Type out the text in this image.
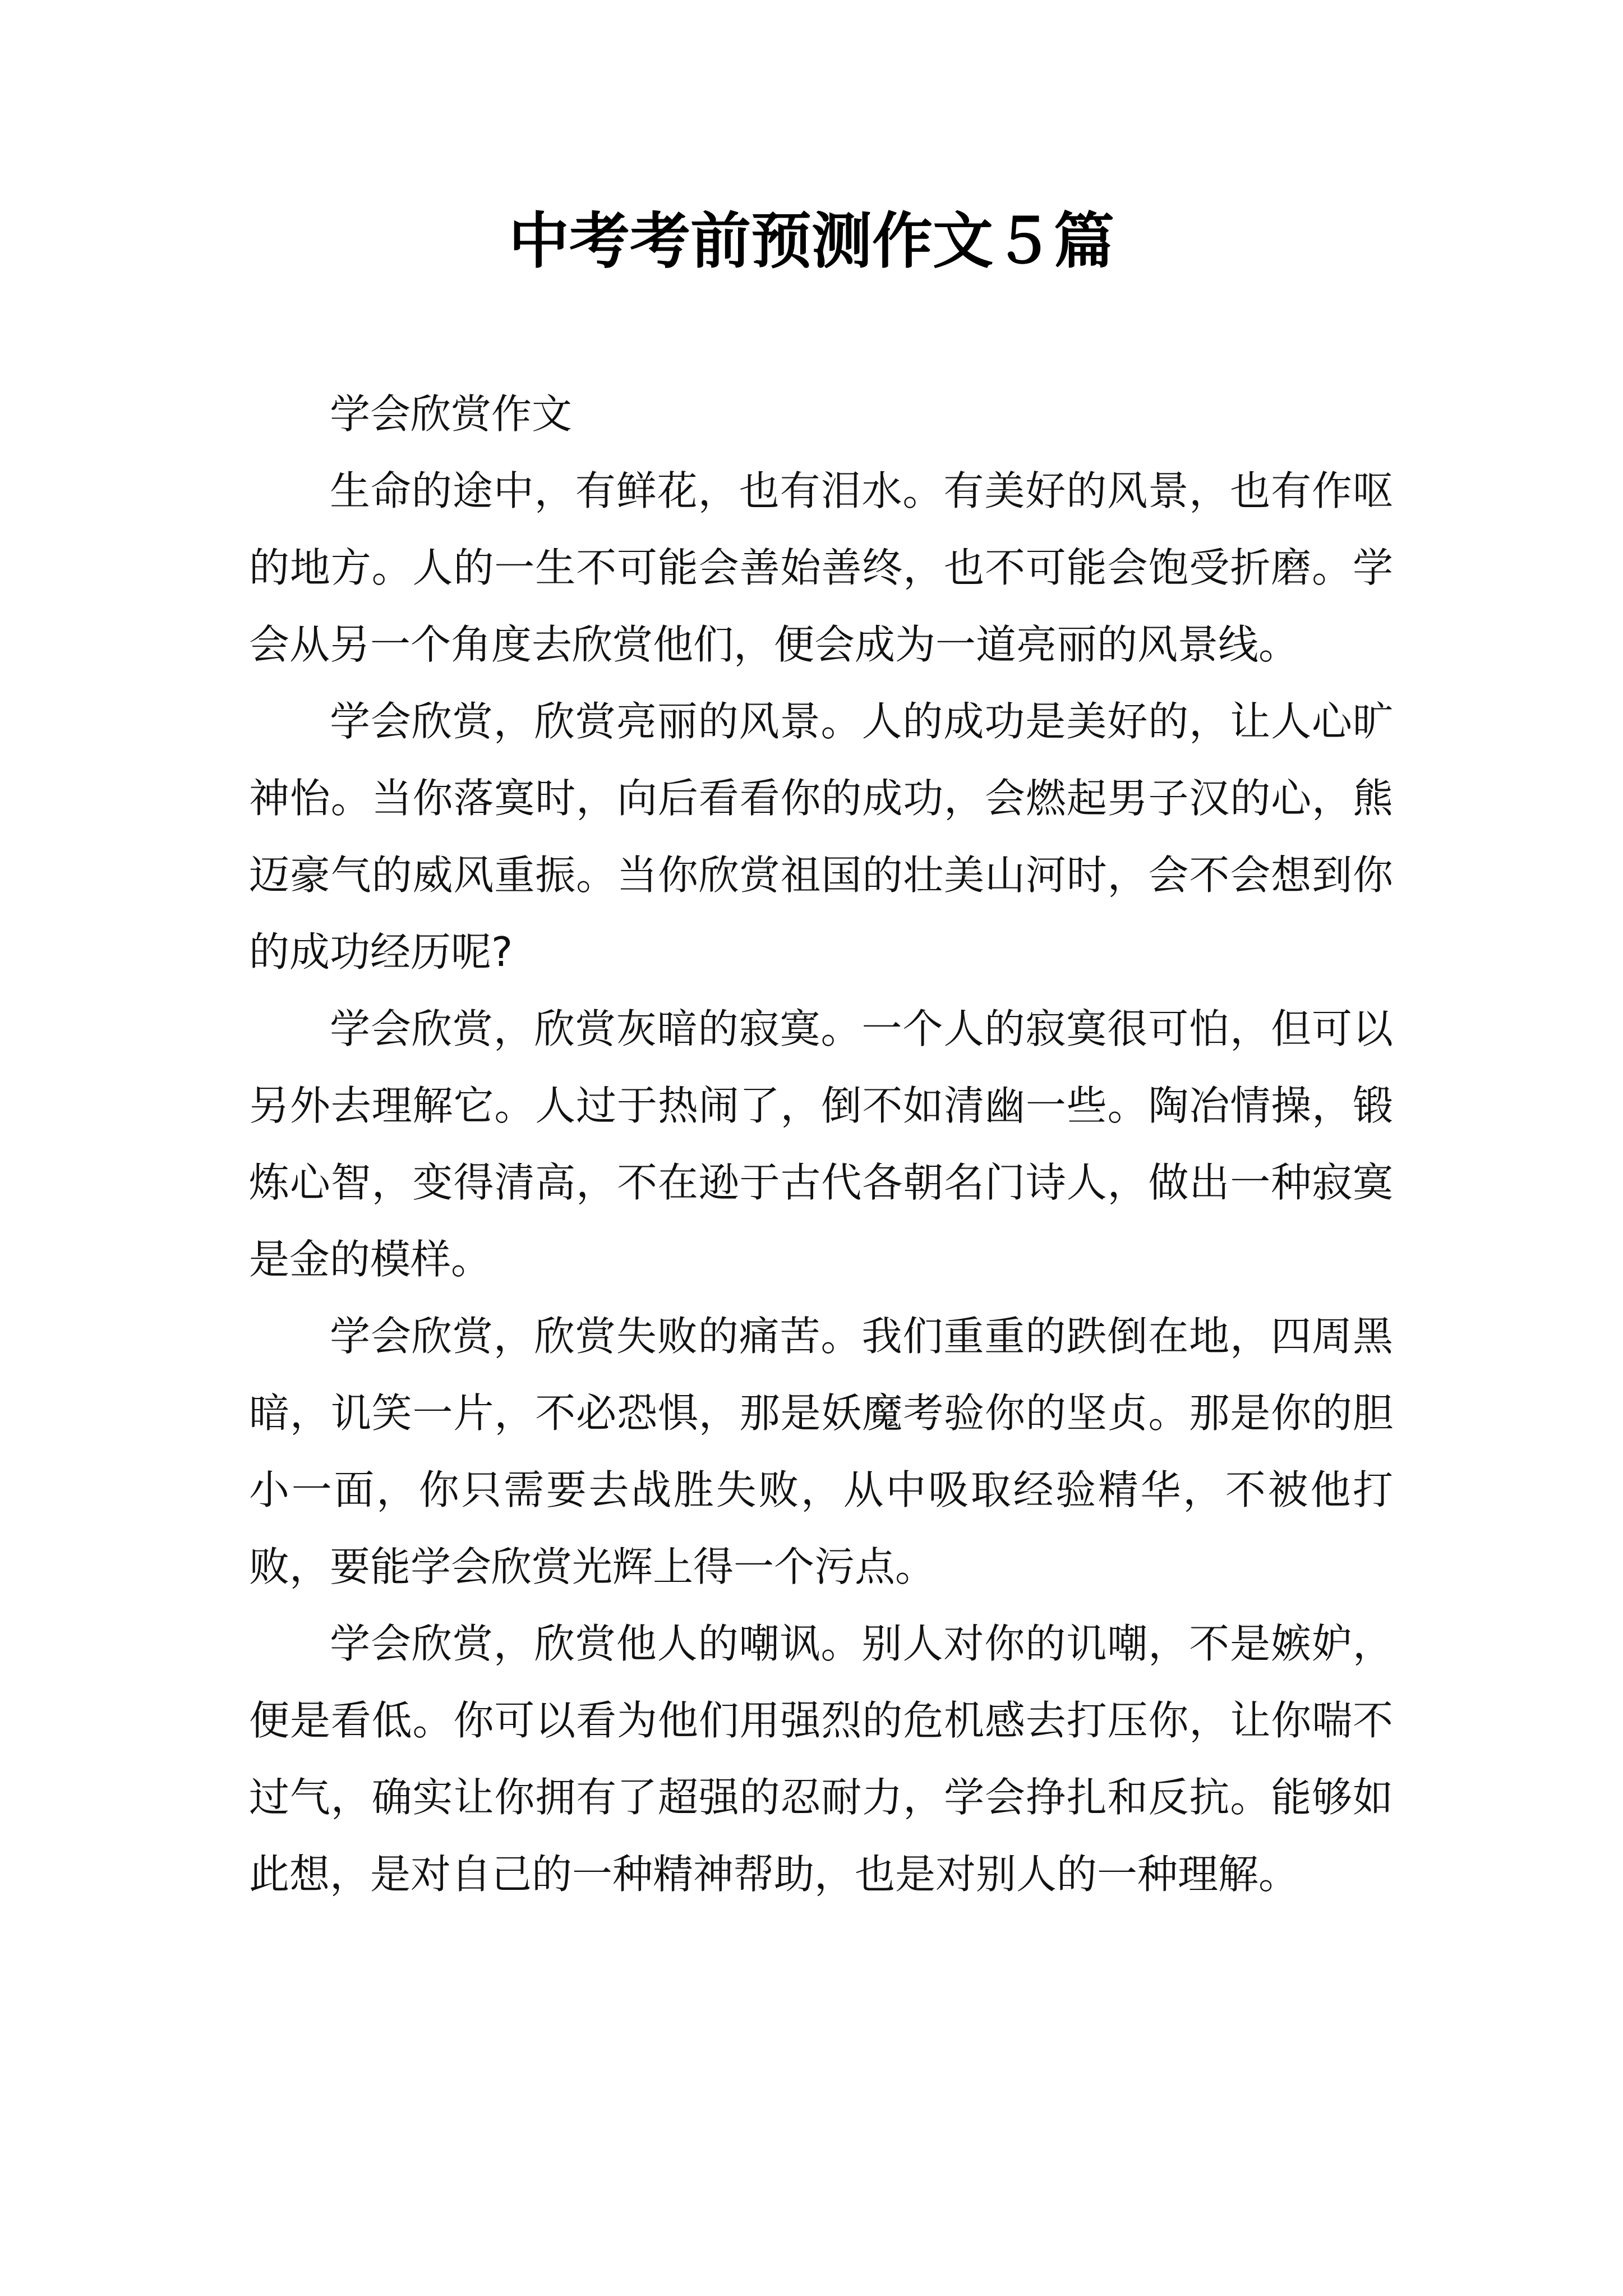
中考考前预测作文５篇

学会欣赏作文

生命的途中，有鲜花，也有泪水。有美好的风景，也有作呕的地方。人的一生不可能会善始善终，也不可能会饱受折磨。学会从另一个角度去欣赏他们，便会成为一道亮丽的风景线。

学会欣赏，欣赏亮丽的风景。人的成功是美好的，让人心旷神怡。当你落寞时，向后看看你的成功，会燃起男子汉的心，熊迈豪气的威风重振。当你欣赏祖国的壮美山河时，会不会想到你的成功经历呢?

学会欣赏，欣赏灰暗的寂寞。一个人的寂寞很可怕，但可以另外去理解它。人过于热闹了，倒不如清幽一些。陶冶情操，锻炼心智，变得清高，不在逊于古代各朝名门诗人，做出一种寂寞是金的模样。

学会欣赏，欣赏失败的痛苦。我们重重的跌倒在地，四周黑暗，讥笑一片，不必恐惧，那是妖魔考验你的坚贞。那是你的胆小一面，你只需要去战胜失败，从中吸取经验精华，不被他打败，要能学会欣赏光辉上得一个污点。

学会欣赏，欣赏他人的嘲讽。别人对你的讥嘲，不是嫉妒，便是看低。你可以看为他们用强烈的危机感去打压你，让你喘不过气，确实让你拥有了超强的忍耐力，学会挣扎和反抗。能够如此想，是对自己的一种精神帮助，也是对别人的一种理解。
